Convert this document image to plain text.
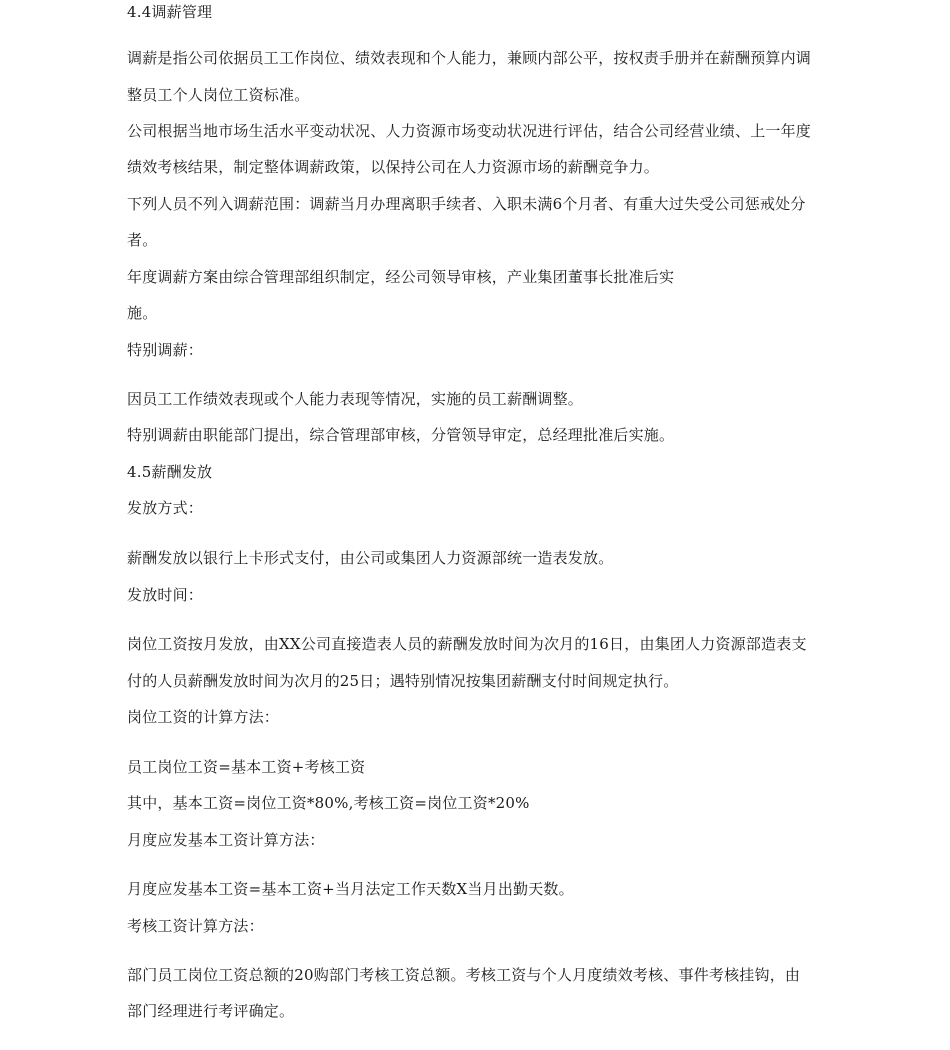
4.4调薪管理
调薪是指公司依据员工工作岗位、绩效表现和个人能力，兼顾内部公平，按权责手册并在薪酬预算内调
整员工个人岗位工资标准。
公司根据当地市场生活水平变动状况、人力资源市场变动状况进行评估，结合公司经营业绩、上一年度
绩效考核结果，制定整体调薪政策，以保持公司在人力资源市场的薪酬竞争力。
下列人员不列入调薪范围：调薪当月办理离职手续者、入职未满6个月者、有重大过失受公司惩戒处分
者。
年度调薪方案由综合管理部组织制定，经公司领导审核，产业集团董事长批准后实
施。
特别调薪：
因员工工作绩效表现或个人能力表现等情况，实施的员工薪酬调整。
特别调薪由职能部门提出，综合管理部审核，分管领导审定，总经理批准后实施。
4.5薪酬发放
发放方式：
薪酬发放以银行上卡形式支付，由公司或集团人力资源部统一造表发放。
发放时间：
岗位工资按月发放，由XX公司直接造表人员的薪酬发放时间为次月的16日，由集团人力资源部造表支
付的人员薪酬发放时间为次月的25日；遇特别情况按集团薪酬支付时间规定执行。
岗位工资的计算方法：
员工岗位工资=基本工资+考核工资
其中，基本工资=岗位工资*80%,考核工资=岗位工资*20%
月度应发基本工资计算方法：
月度应发基本工资=基本工资+当月法定工作天数X当月出勤天数。
考核工资计算方法：
部门员工岗位工资总额的20购部门考核工资总额。考核工资与个人月度绩效考核、事件考核挂钩，由
部门经理进行考评确定。
